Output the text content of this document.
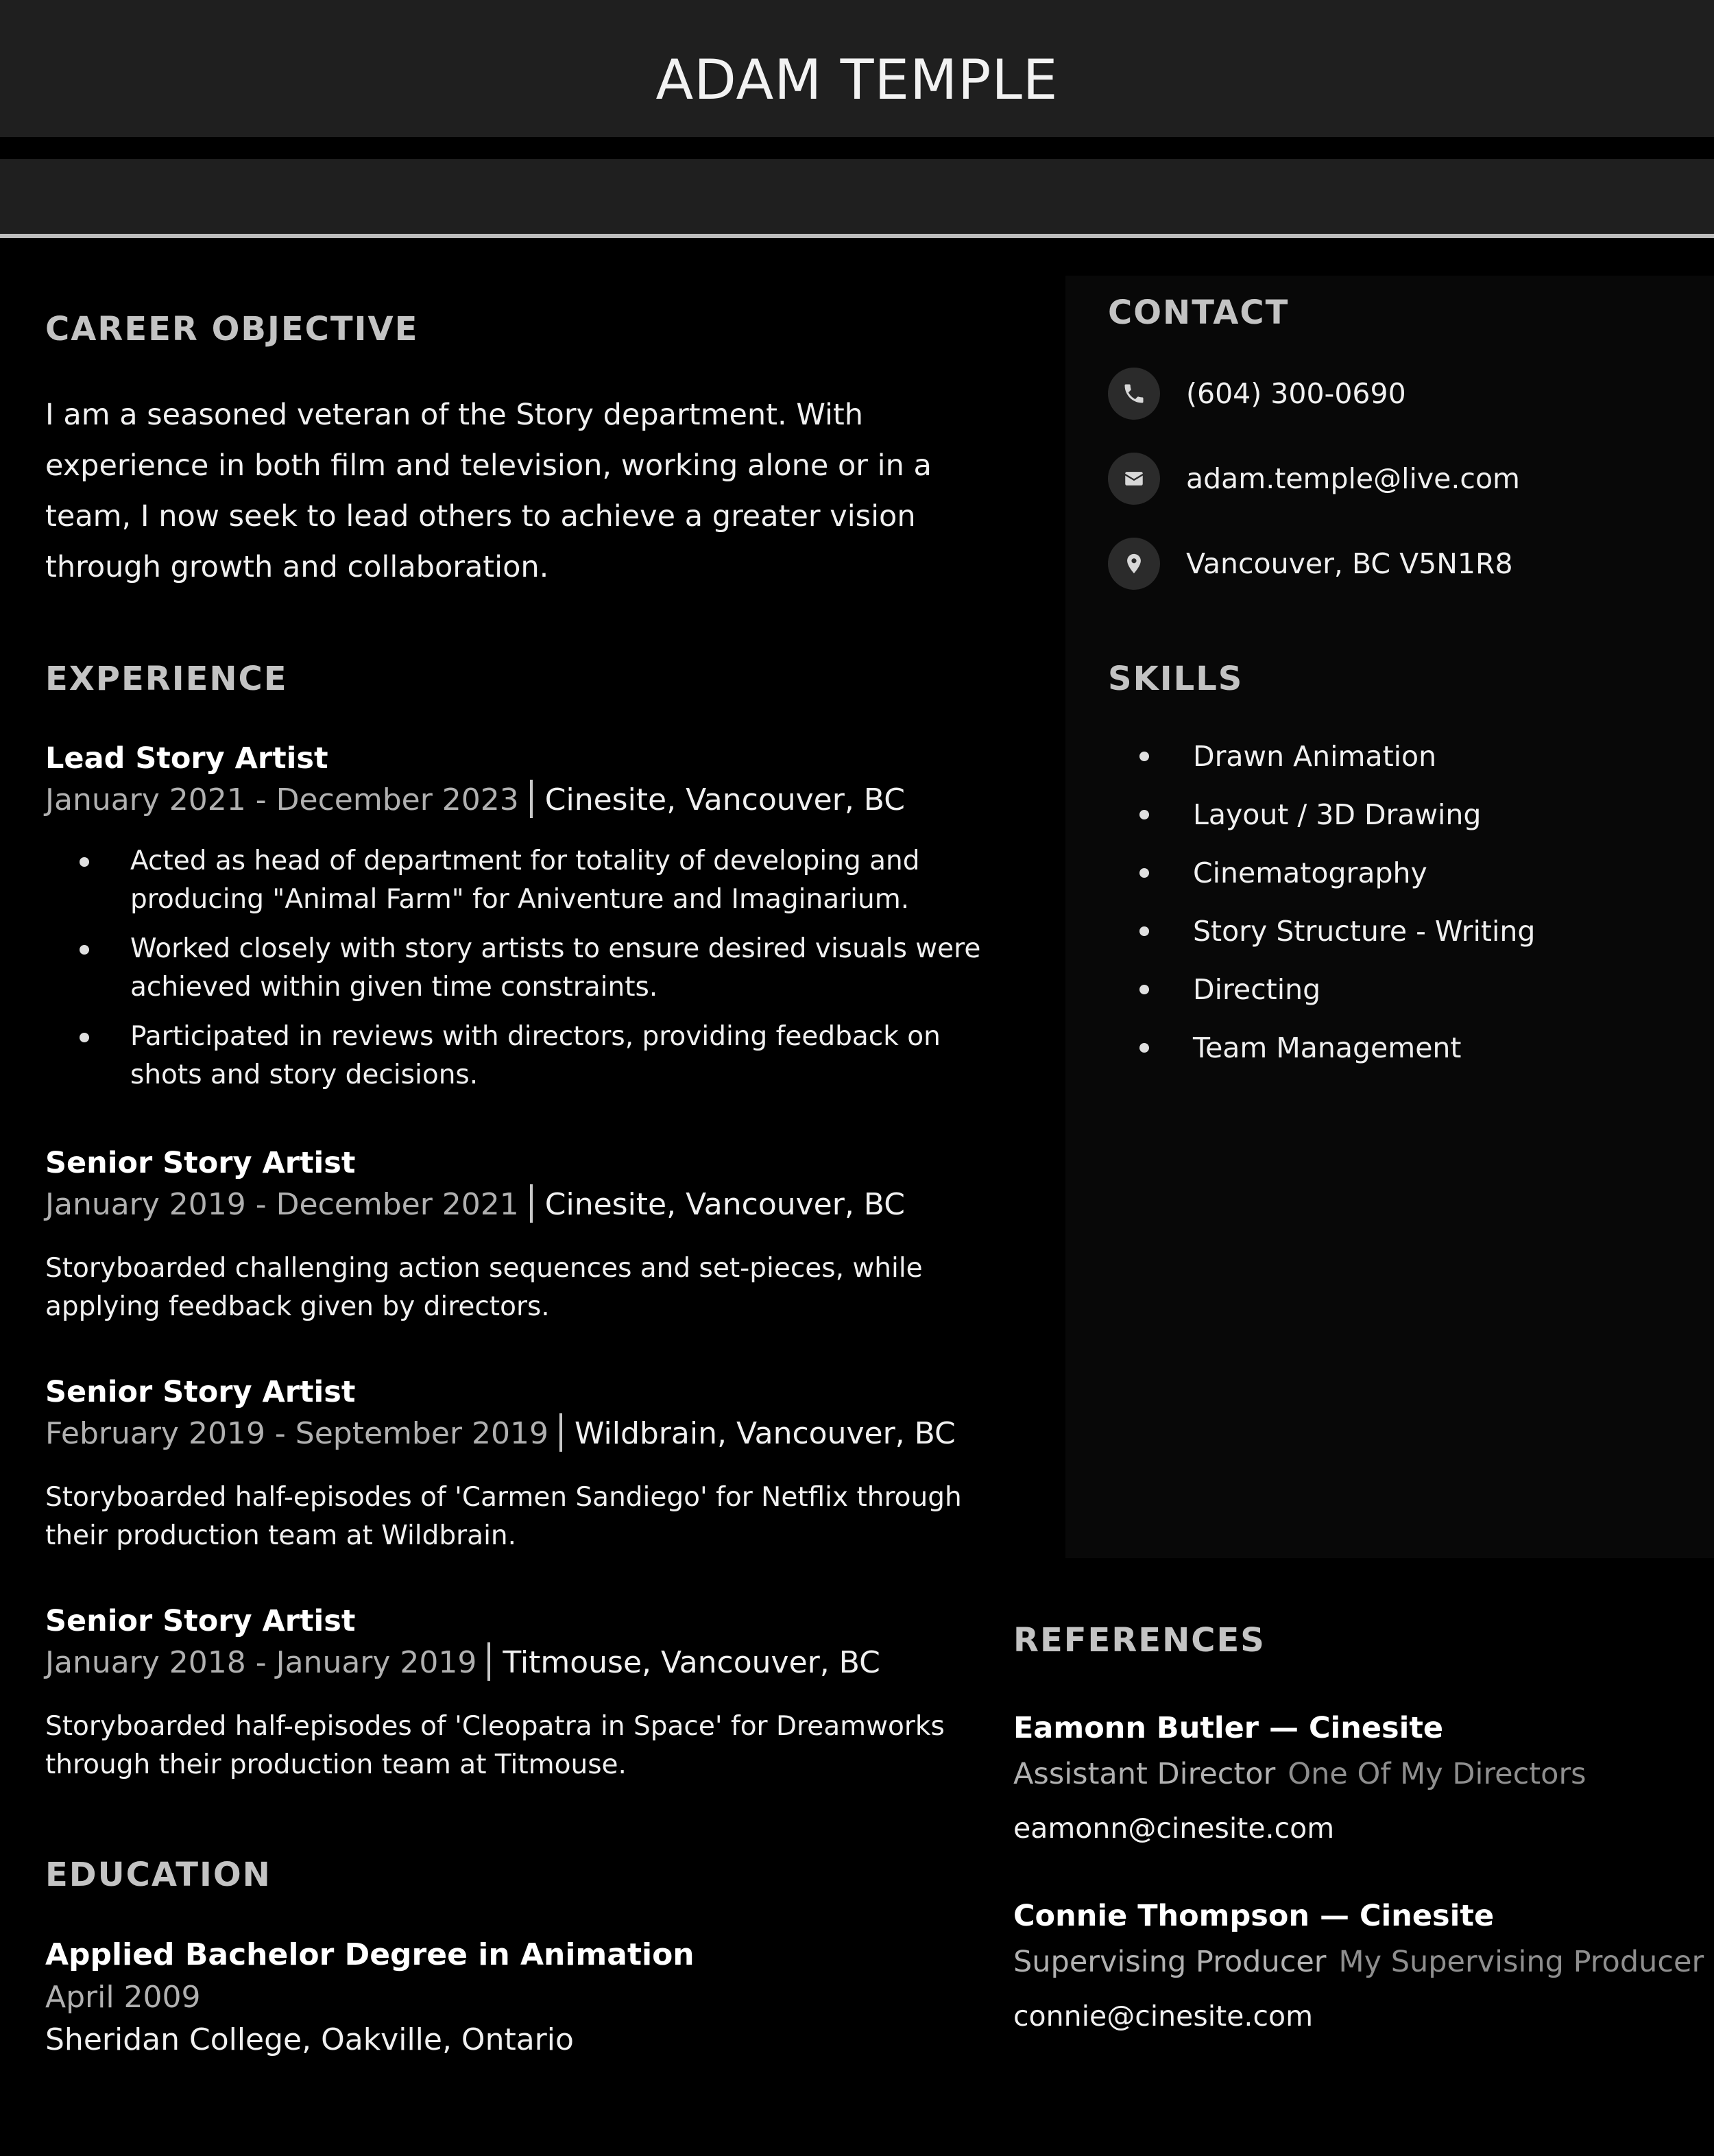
ADAM TEMPLE
CAREER OBJECTIVE

I am a seasoned veteran of the Story department. With experience in both film and television, working alone or in a team, I now seek to lead others to achieve a greater vision through growth and collaboration.

EXPERIENCE
Lead Story Artist
January 2021 - December 2023 Cinesite, Vancouver, BC
Acted as head of department for totality of developing and producing "Animal Farm" for Aniventure and Imaginarium.
Worked closely with story artists to ensure desired visuals were achieved within given time constraints.
Participated in reviews with directors, providing feedback on shots and story decisions.
Senior Story Artist
January 2019 - December 2021 Cinesite, Vancouver, BC

Storyboarded challenging action sequences and set-pieces, while applying feedback given by directors.

Senior Story Artist
February 2019 - September 2019 Wildbrain, Vancouver, BC

Storyboarded half-episodes of 'Carmen Sandiego' for Netflix through their production team at Wildbrain.

Senior Story Artist
January 2018 - January 2019 Titmouse, Vancouver, BC

Storyboarded half-episodes of 'Cleopatra in Space' for Dreamworks through their production team at Titmouse.

EDUCATION
Applied Bachelor Degree in Animation
April 2009
Sheridan College, Oakville, Ontario
CONTACT
(604) 300-0690
adam.temple@live.com
Vancouver, BC V5N1R8
SKILLS
Drawn Animation
Layout / 3D Drawing
Cinematography
Story Structure - Writing
Directing
Team Management
REFERENCES
Eamonn Butler — Cinesite
Assistant Director One Of My Directors
eamonn@cinesite.com
Connie Thompson — Cinesite
Supervising Producer My Supervising Producer
connie@cinesite.com
